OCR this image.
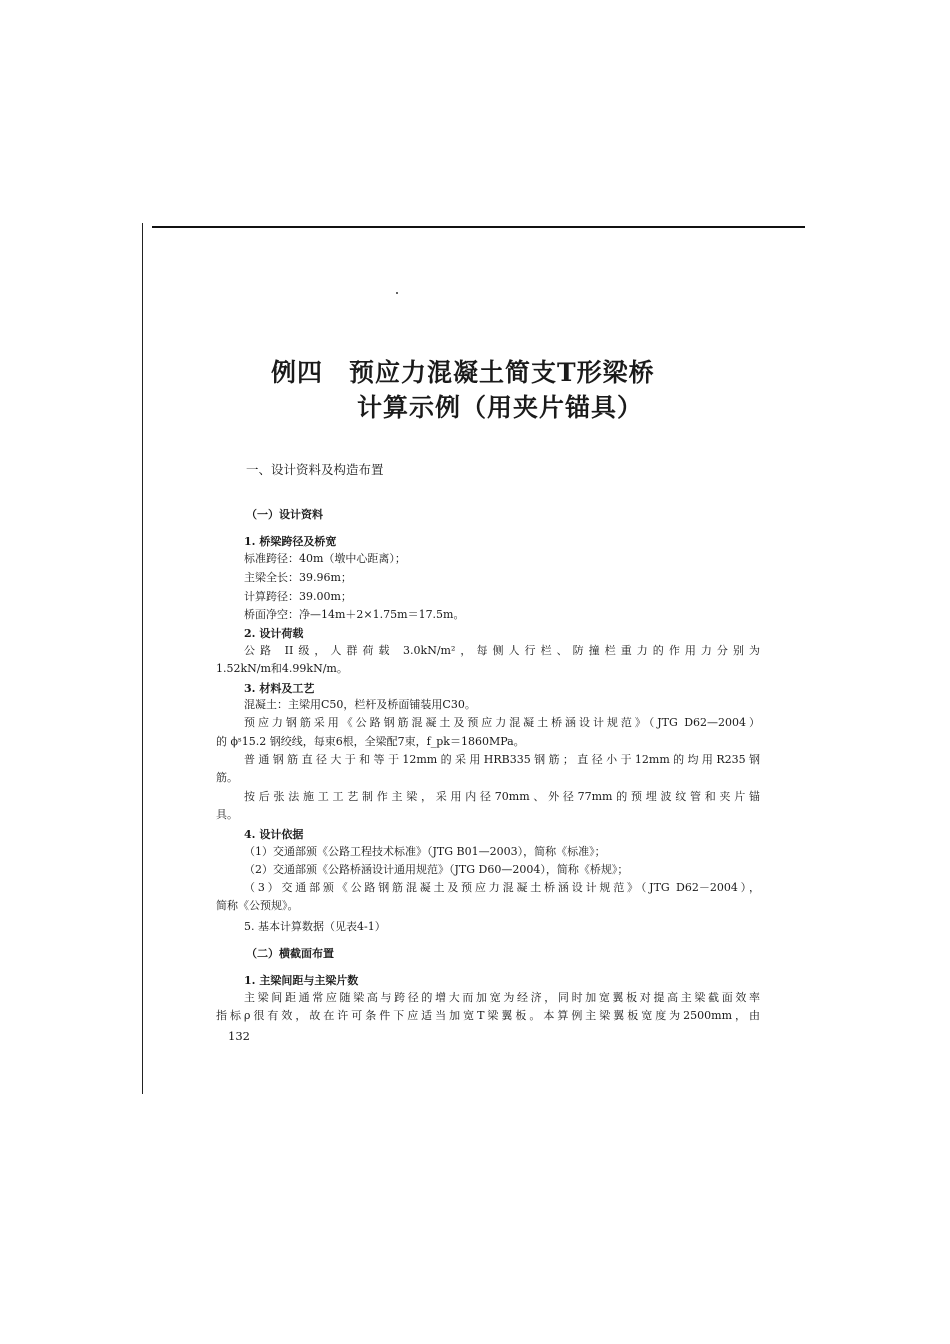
例四 预应力混凝土简支T形梁桥
计算示例（用夹片锚具）
一、设计资料及构造布置
（一）设计资料
1. 桥梁跨径及桥宽
标准跨径：40m（墩中心距离）；
主梁全长：39.96m；
计算跨径：39.00m；
桥面净空：净—14m＋2×1.75m＝17.5m。
2. 设计荷载
公路 II级，人群荷载 3.0kN/m²，每侧人行栏、防撞栏重力的作用力分别为
1.52kN/m和4.99kN/m。
3. 材料及工艺
混凝土：主梁用C50，栏杆及桥面铺装用C30。
预应力钢筋采用《公路钢筋混凝土及预应力混凝土桥涵设计规范》（JTG D62—2004）
的 ϕˢ15.2 钢绞线，每束6根，全梁配7束，f_pk＝1860MPa。
普通钢筋直径大于和等于12mm的采用HRB335钢筋；直径小于12mm的均用R235钢
筋。
按后张法施工工艺制作主梁，采用内径70mm、外径77mm的预埋波纹管和夹片锚
具。
4. 设计依据
（1）交通部颁《公路工程技术标准》（JTG B01—2003），简称《标准》；
（2）交通部颁《公路桥涵设计通用规范》（JTG D60—2004），简称《桥规》；
（3）交通部颁《公路钢筋混凝土及预应力混凝土桥涵设计规范》（JTG D62－2004），
简称《公预规》。
5. 基本计算数据（见表4-1）
（二）横截面布置
1. 主梁间距与主梁片数
主梁间距通常应随梁高与跨径的增大而加宽为经济，同时加宽翼板对提高主梁截面效率
指标ρ很有效，故在许可条件下应适当加宽T梁翼板。本算例主梁翼板宽度为2500mm，由
132
